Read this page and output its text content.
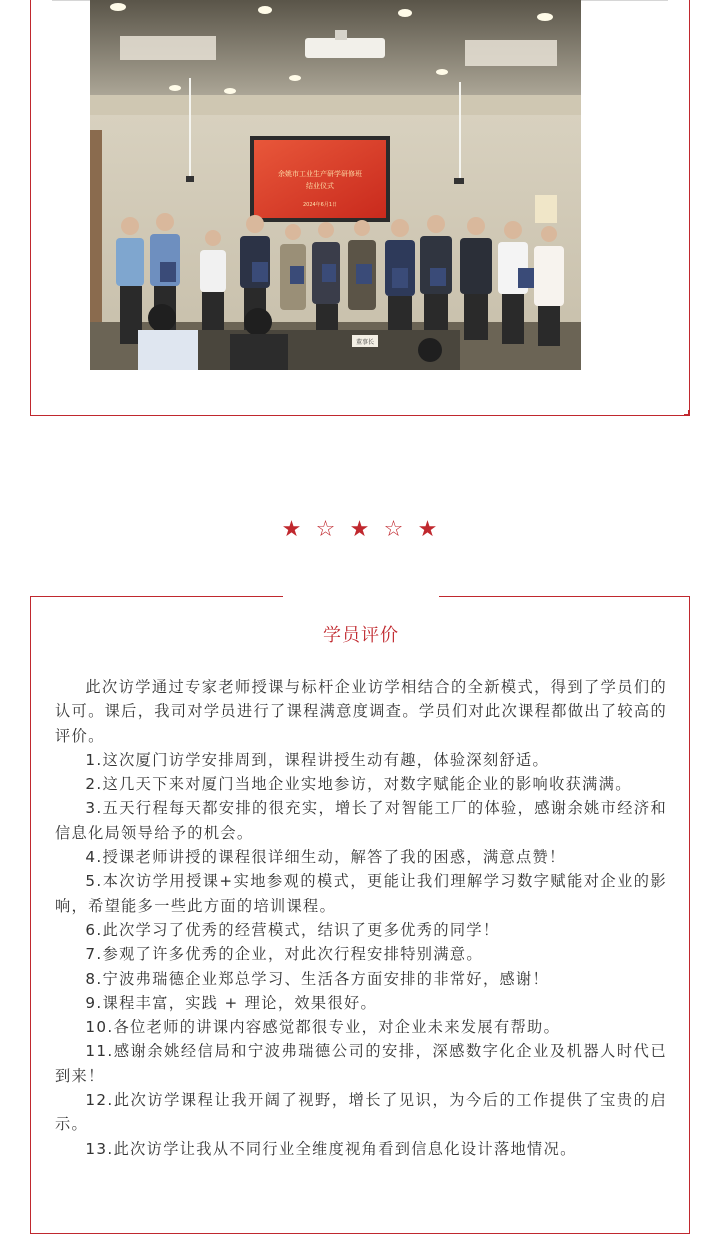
余姚市工业生产研学研修班
结业仪式
2024年6月1日
董事长
★ ☆ ★ ☆ ★
学员评价

此次访学通过专家老师授课与标杆企业访学相结合的全新模式，得到了学员们的认可。课后，我司对学员进行了课程满意度调查。学员们对此次课程都做出了较高的评价。

1.这次厦门访学安排周到，课程讲授生动有趣，体验深刻舒适。

2.这几天下来对厦门当地企业实地参访，对数字赋能企业的影响收获满满。

3.五天行程每天都安排的很充实，增长了对智能工厂的体验，感谢余姚市经济和信息化局领导给予的机会。

4.授课老师讲授的课程很详细生动，解答了我的困惑，满意点赞！

5.本次访学用授课+实地参观的模式，更能让我们理解学习数字赋能对企业的影响，希望能多一些此方面的培训课程。

6.此次学习了优秀的经营模式，结识了更多优秀的同学！

7.参观了许多优秀的企业，对此次行程安排特别满意。

8.宁波弗瑞德企业郑总学习、生活各方面安排的非常好，感谢！

9.课程丰富，实践 + 理论，效果很好。

10.各位老师的讲课内容感觉都很专业，对企业未来发展有帮助。

11.感谢余姚经信局和宁波弗瑞德公司的安排，深感数字化企业及机器人时代已到来！

12.此次访学课程让我开阔了视野，增长了见识，为今后的工作提供了宝贵的启示。

13.此次访学让我从不同行业全维度视角看到信息化设计落地情况。
